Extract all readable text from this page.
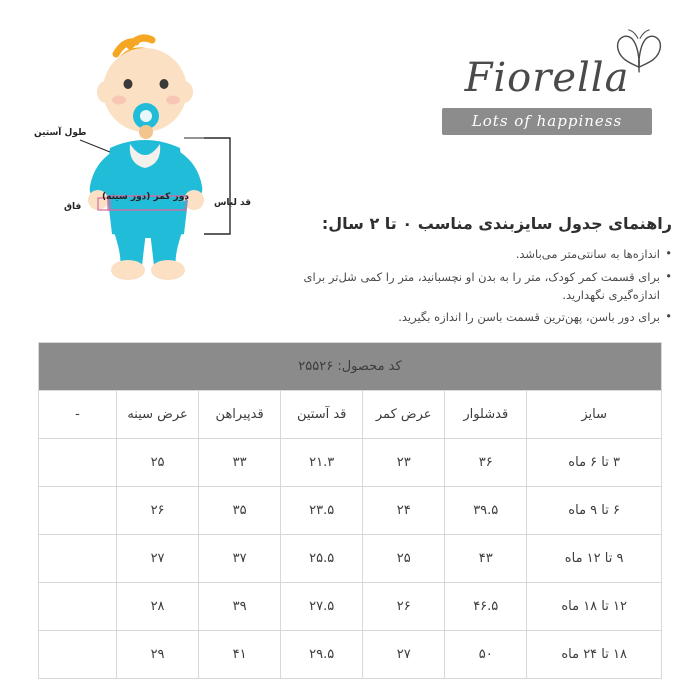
طول آستین
فاق
دور کمر (دور سینه)
قد لباس
Fiorella
Lots of happiness
راهنمای جدول سایزبندی مناسب ۰ تا ۲ سال:
• اندازه‌ها به سانتی‌متر می‌باشد.
• برای قسمت کمر کودک، متر را به بدن او نچسبانید، متر را کمی شل‌تر برای اندازه‌گیری نگهدارید.
• برای دور باسن، پهن‌ترین قسمت باسن را اندازه بگیرید.
کد محصول: ۲۵۵۲۶						
سایز	قدشلوار	عرض کمر	قد آستین	قدپیراهن	عرض سینه	-
۳ تا ۶ ماه	۳۶	۲۳	۲۱.۳	۳۳	۲۵	
۶ تا ۹ ماه	۳۹.۵	۲۴	۲۳.۵	۳۵	۲۶	
۹ تا ۱۲ ماه	۴۳	۲۵	۲۵.۵	۳۷	۲۷	
۱۲ تا ۱۸ ماه	۴۶.۵	۲۶	۲۷.۵	۳۹	۲۸	
۱۸ تا ۲۴ ماه	۵۰	۲۷	۲۹.۵	۴۱	۲۹	
